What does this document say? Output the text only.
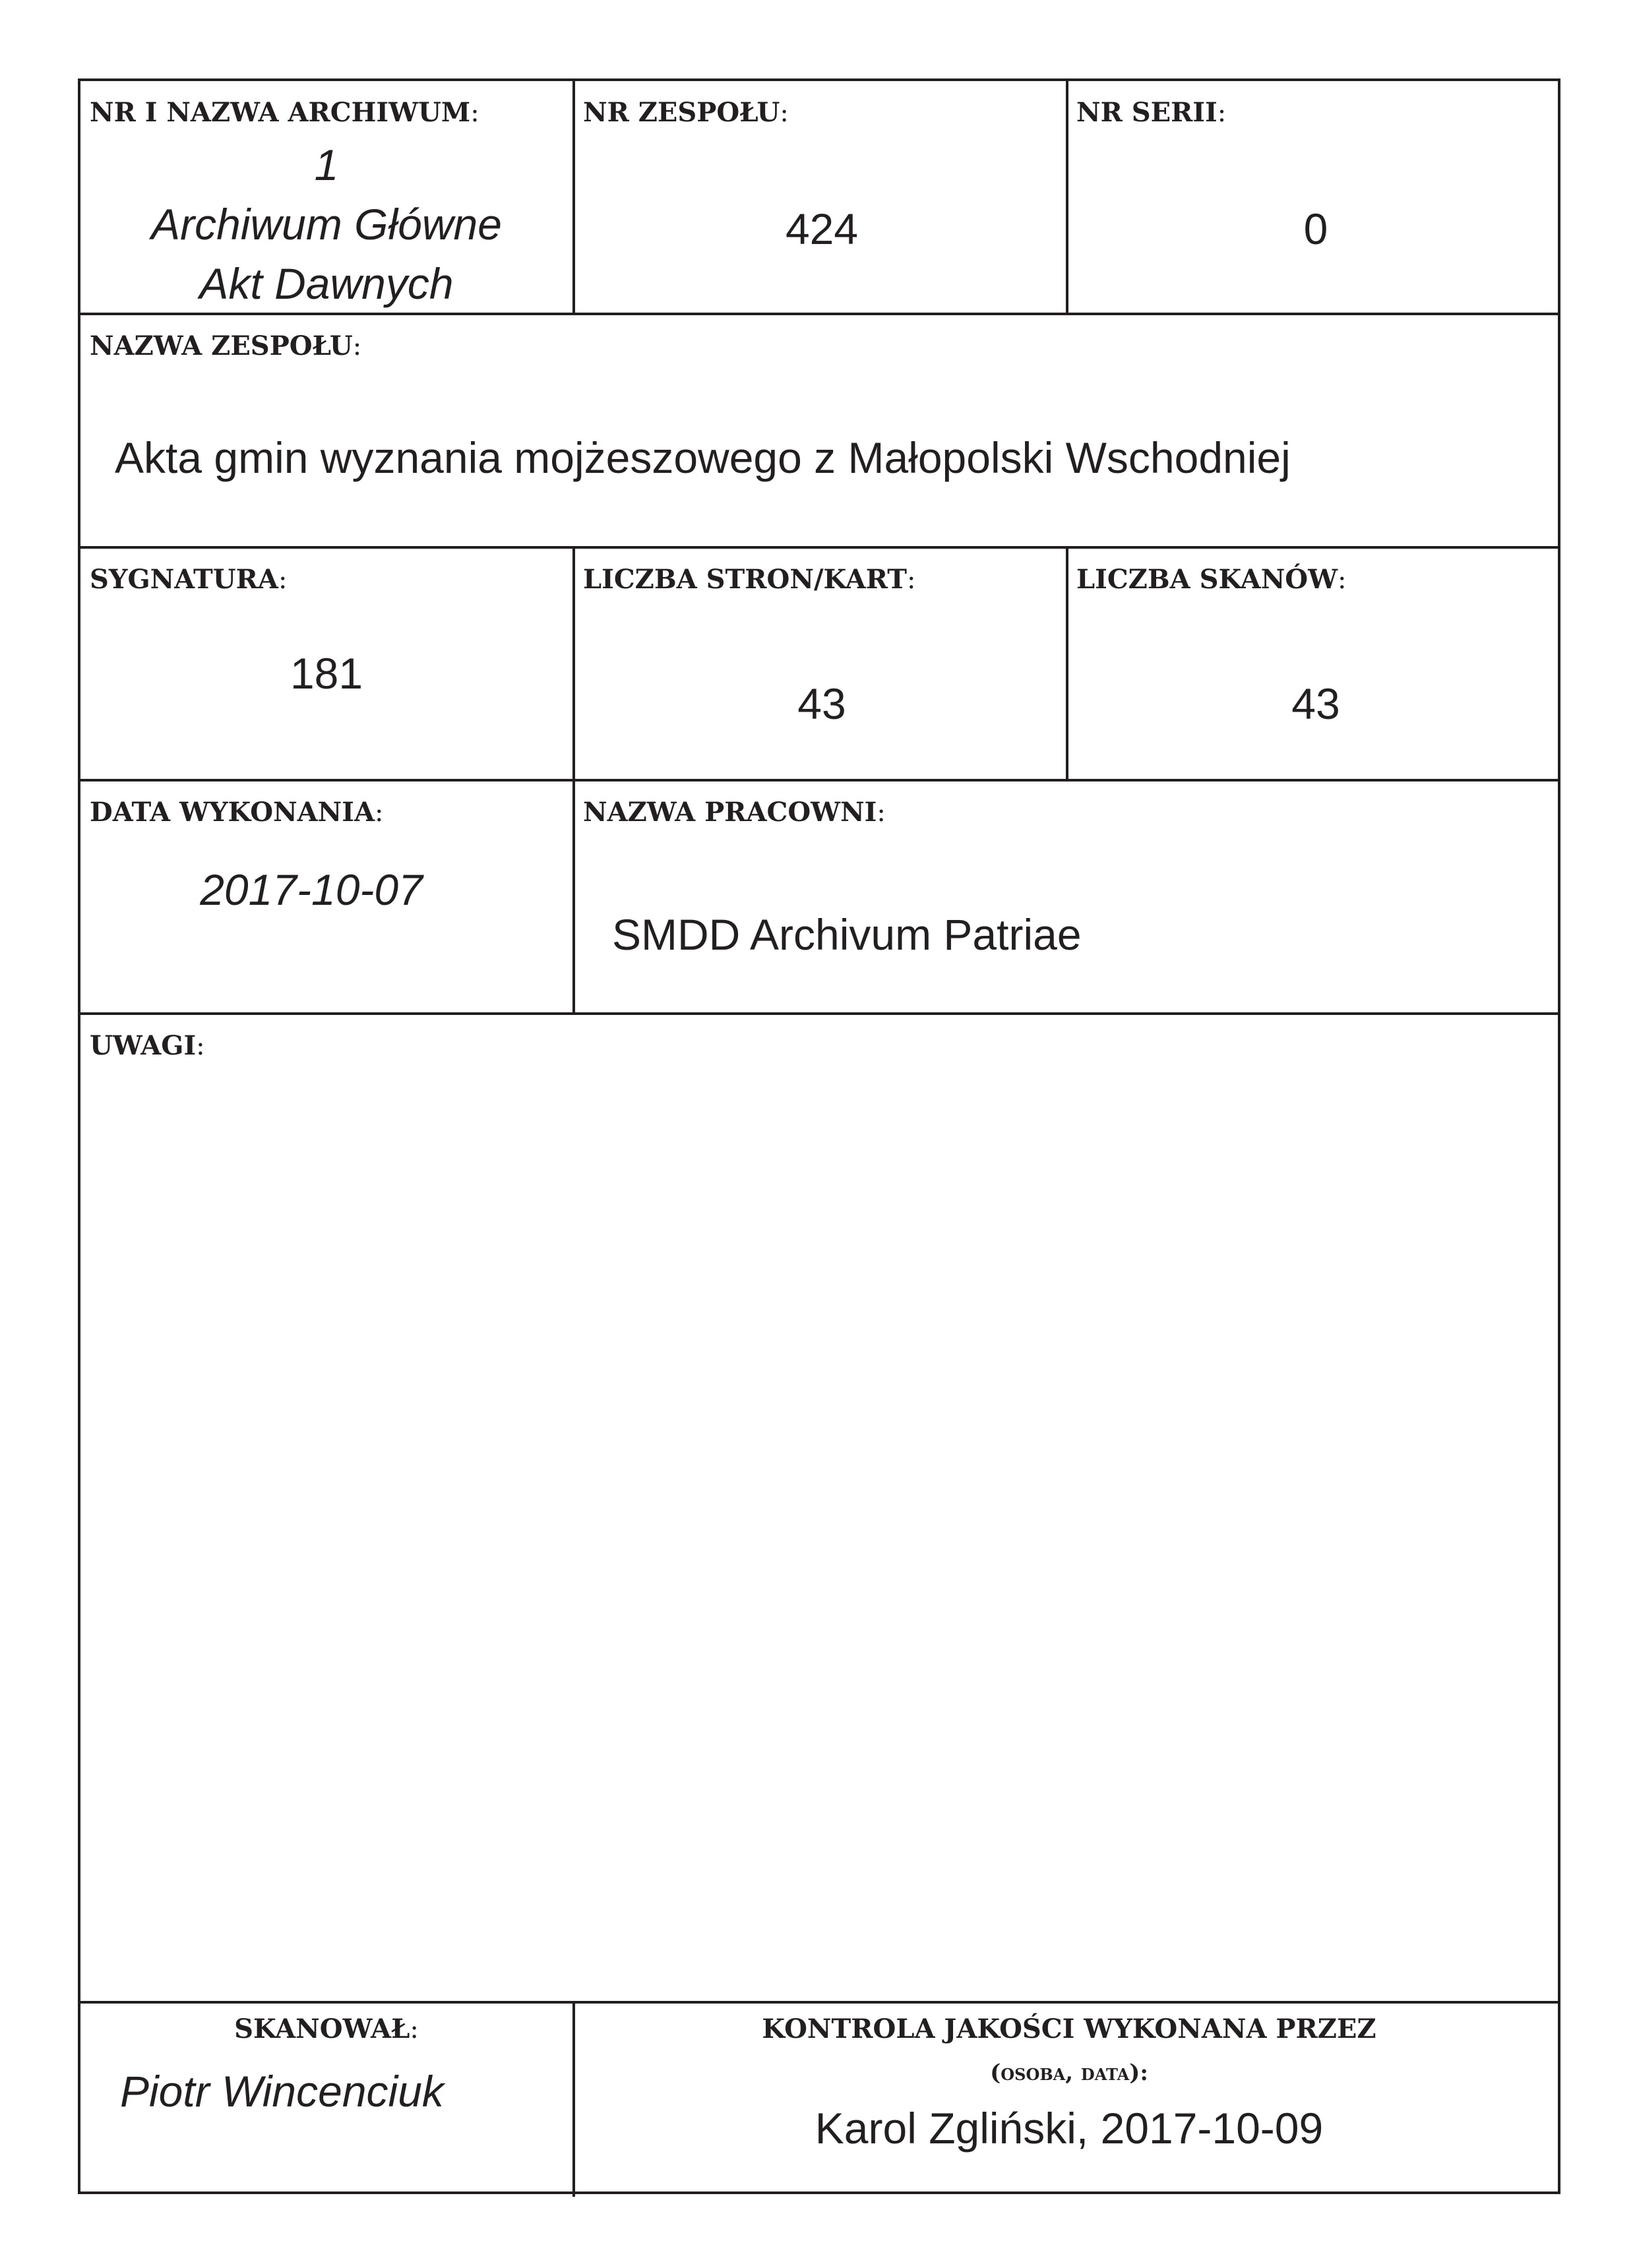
NR I NAZWA ARCHIWUM:
1
Archiwum Główne
Akt Dawnych
NR ZESPOŁU:
424
NR SERII:
0
NAZWA ZESPOŁU:
Akta gmin wyznania mojżeszowego z Małopolski Wschodniej
SYGNATURA:
181
LICZBA STRON/KART:
43
LICZBA SKANÓW:
43
DATA WYKONANIA:
2017-10-07
NAZWA PRACOWNI:
SMDD Archivum Patriae
UWAGI:
SKANOWAŁ:
Piotr Wincenciuk
KONTROLA JAKOŚCI WYKONANA PRZEZ
(osoba, data):
Karol Zgliński, 2017-10-09
